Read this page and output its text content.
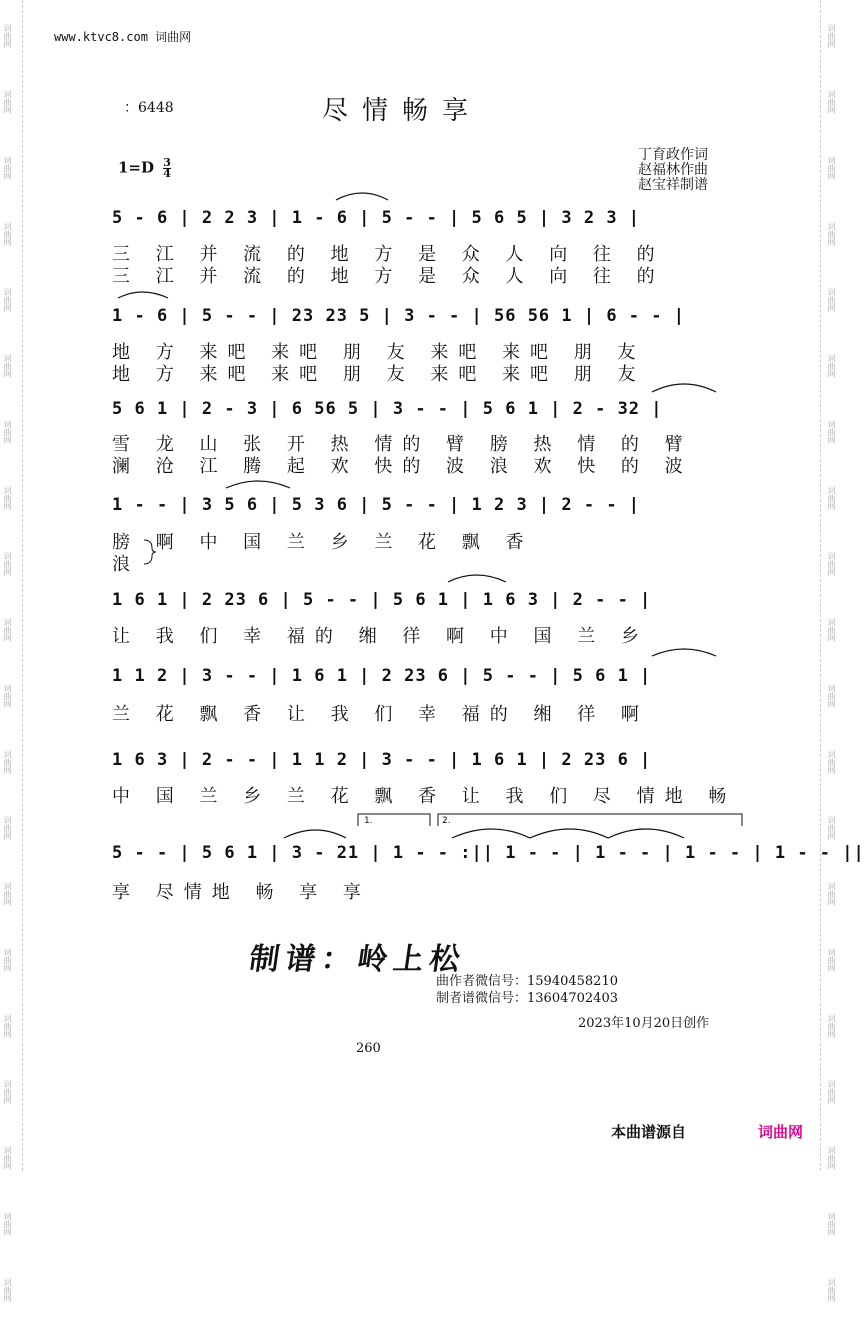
词曲网
词曲网
词曲网
词曲网
词曲网
词曲网
词曲网
词曲网
词曲网
词曲网
词曲网
词曲网
词曲网
词曲网
词曲网
词曲网
词曲网
词曲网
词曲网
词曲网
词曲网
词曲网
词曲网
词曲网
词曲网
词曲网
词曲网
词曲网
词曲网
词曲网
词曲网
词曲网
词曲网
词曲网
词曲网
词曲网
词曲网
词曲网
词曲网
词曲网
www.ktvc8.com 词曲网
：6448	尽情畅享
$1=D \frac{3}{4}$
丁育政作词
赵福林作曲
赵宝祥制谱
5 - 6 | 2 2 3 | 1 - 6 | 5 - - | 5 6 5 | 3 2 3 |
三 江 并 流 的 地 方 是 众 人 向 往 的
三 江 并 流 的 地 方 是 众 人 向 往 的
1 - 6 | 5 - - | 23 23 5 | 3 - - | 56 56 1 | 6 - - |
地 方 来吧 来吧 朋 友 来吧 来吧 朋 友
地 方 来吧 来吧 朋 友 来吧 来吧 朋 友
5 6 1 | 2 - 3 | 6 56 5 | 3 - - | 5 6 1 | 2 - 32 |
雪 龙 山 张 开 热 情的 臂 膀 热 情 的 臂
澜 沧 江 腾 起 欢 快的 波 浪 欢 快 的 波
1 - - | 3 5 6 | 5 3 6 | 5 - - | 1 2 3 | 2 - - |
膀 啊 中 国 兰 乡 兰 花 飘 香
浪
1 6 1 | 2 23 6 | 5 - - | 5 6 1 | 1 6 3 | 2 - - |
让 我 们 幸 福的 缃 徉 啊 中 国 兰 乡
1 1 2 | 3 - - | 1 6 1 | 2 23 6 | 5 - - | 5 6 1 |
兰 花 飘 香 让 我 们 幸 福的 缃 徉 啊
1 6 3 | 2 - - | 1 1 2 | 3 - - | 1 6 1 | 2 23 6 |
中 国 兰 乡 兰 花 飘 香 让 我 们 尽 情地 畅
5 - - | 5 6 1 | 3 - 21 | 1 - - :|| 1 - - | 1 - - | 1 - - | 1 - - ||
享 尽情地 畅 享 享
1.	2.
制谱：岭上松
曲作者微信号：15940458210
制者谱微信号：13604702403
2023年10月20日创作
260
本曲谱源自	词曲网
